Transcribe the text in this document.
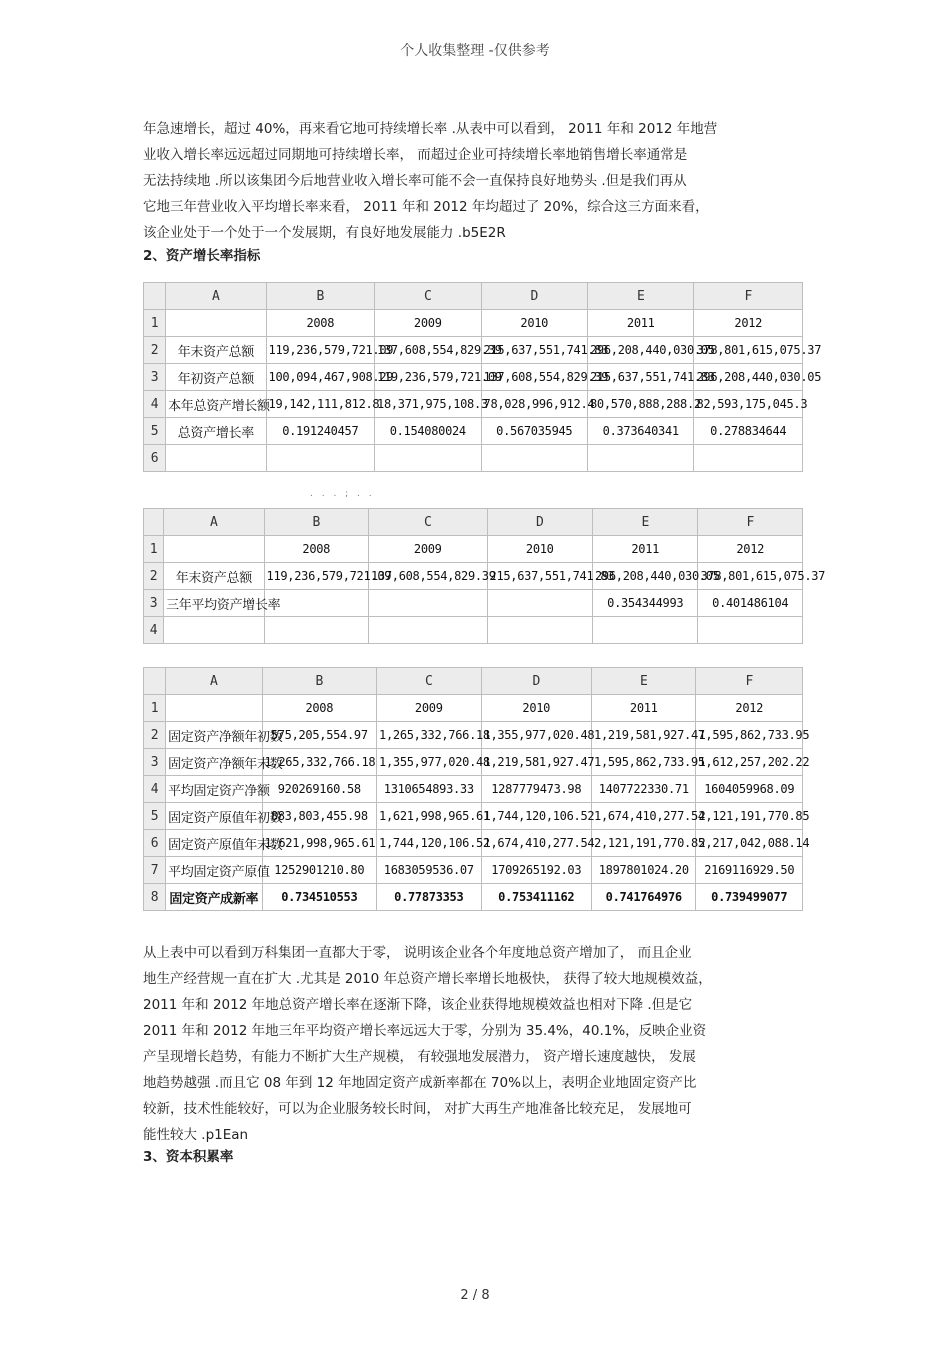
个人收集整理 -仅供参考

年急速增长，超过 40%，再来看它地可持续增长率 .从表中可以看到， 2011 年和 2012 年地营

业收入增长率远远超过同期地可持续增长率， 而超过企业可持续增长率地销售增长率通常是

无法持续地 .所以该集团今后地营业收入增长率可能不会一直保持良好地势头 .但是我们再从

它地三年营业收入平均增长率来看， 2011 年和 2012 年均超过了 20%，综合这三方面来看，

该企业处于一个处于一个发展期，有良好地发展能力 .b5E2R

2、资产增长率指标
	A	B	C	D	E	F
1		2008	2009	2010	2011	2012
2	年末资产总额	119,236,579,721.09	137,608,554,829.39	215,637,551,741.83	296,208,440,030.05	378,801,615,075.37
3	年初资产总额	100,094,467,908.29	119,236,579,721.09	137,608,554,829.39	215,637,551,741.83	296,208,440,030.05
4	本年总资产增长额	19,142,111,812.8	18,371,975,108.3	78,028,996,912.4	80,570,888,288.2	82,593,175,045.3
5	总资产增长率	0.191240457	0.154080024	0.567035945	0.373640341	0.278834644
6						
. . . ; . .
	A	B	C	D	E	F
1		2008	2009	2010	2011	2012
2	年末资产总额	119,236,579,721.09	137,608,554,829.39	215,637,551,741.83	296,208,440,030.05	378,801,615,075.37
3	三年平均资产增长率				0.354344993	0.401486104
4						
	A	B	C	D	E	F
1		2008	2009	2010	2011	2012
2	固定资产净额年初数	575,205,554.97	1,265,332,766.18	1,355,977,020.48	1,219,581,927.47	1,595,862,733.95
3	固定资产净额年末数	1,265,332,766.18	1,355,977,020.48	1,219,581,927.47	1,595,862,733.95	1,612,257,202.22
4	平均固定资产净额	920269160.58	1310654893.33	1287779473.98	1407722330.71	1604059968.09
5	固定资产原值年初数	883,803,455.98	1,621,998,965.61	1,744,120,106.52	1,674,410,277.54	2,121,191,770.85
6	固定资产原值年末数	1,621,998,965.61	1,744,120,106.52	1,674,410,277.54	2,121,191,770.85	2,217,042,088.14
7	平均固定资产原值	1252901210.80	1683059536.07	1709265192.03	1897801024.20	2169116929.50
8	固定资产成新率	0.734510553	0.77873353	0.753411162	0.741764976	0.739499077

从上表中可以看到万科集团一直都大于零， 说明该企业各个年度地总资产增加了， 而且企业

地生产经营规一直在扩大 .尤其是 2010 年总资产增长率增长地极快， 获得了较大地规模效益，

2011 年和 2012 年地总资产增长率在逐渐下降，该企业获得地规模效益也相对下降 .但是它

2011 年和 2012 年地三年平均资产增长率远远大于零，分别为 35.4%，40.1%，反映企业资

产呈现增长趋势，有能力不断扩大生产规模， 有较强地发展潜力， 资产增长速度越快， 发展

地趋势越强 .而且它 08 年到 12 年地固定资产成新率都在 70%以上，表明企业地固定资产比

较新，技术性能较好，可以为企业服务较长时间， 对扩大再生产地准备比较充足， 发展地可

能性较大 .p1Ean

3、资本积累率
2 / 8
